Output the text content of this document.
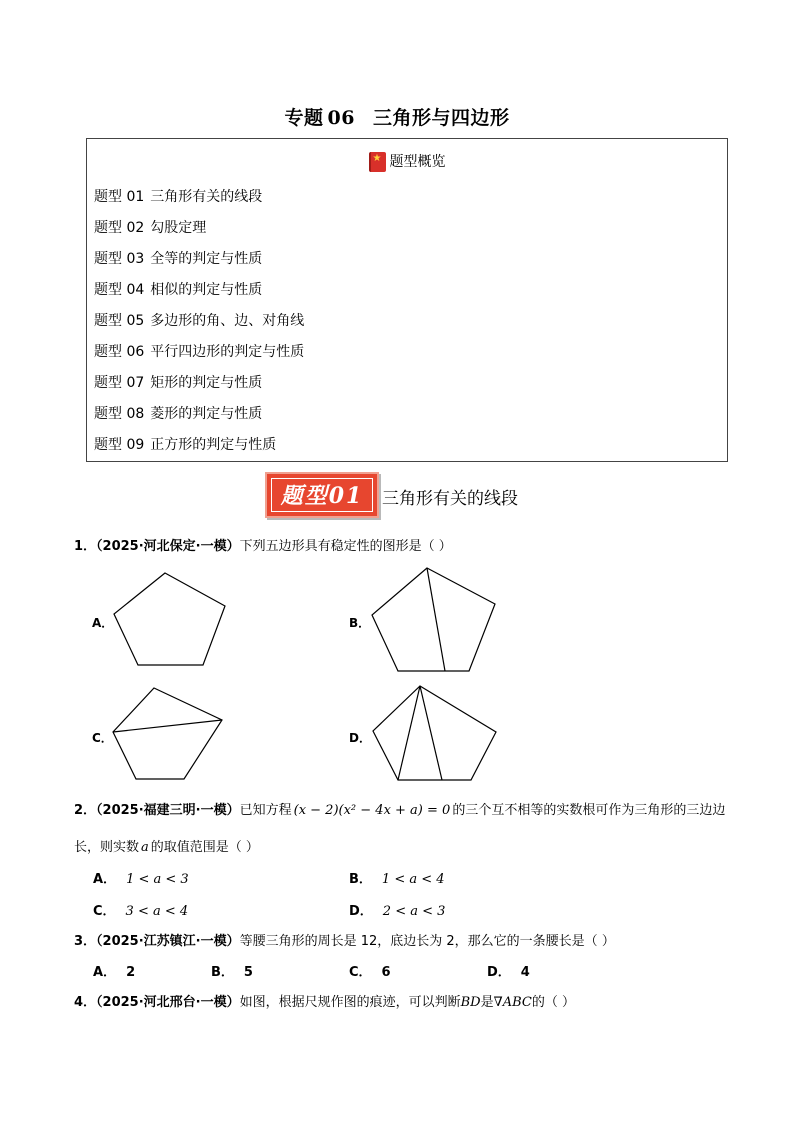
专题 06 三角形与四边形
★题型概览
题型 01 三角形有关的线段
题型 02 勾股定理
题型 03 全等的判定与性质
题型 04 相似的判定与性质
题型 05 多边形的角、边、对角线
题型 06 平行四边形的判定与性质
题型 07 矩形的判定与性质
题型 08 菱形的判定与性质
题型 09 正方形的判定与性质
题型01	三角形有关的线段
1．（2025·河北保定·一模）下列五边形具有稳定性的图形是（ ）
A．	B．
C．	D．
2．（2025·福建三明·一模）已知方程 (x − 2)(x² − 4x + a) = 0 的三个互不相等的实数根可作为三角形的三边边
长，则实数 a 的取值范围是（ ）
A． 1 < a < 3	B． 1 < a < 4
C． 3 < a < 4	D． 2 < a < 3
3．（2025·江苏镇江·一模）等腰三角形的周长是 12，底边长为 2，那么它的一条腰长是（ ）
A． 2	B． 5	C． 6	D． 4
4．（2025·河北邢台·一模）如图，根据尺规作图的痕迹，可以判断BD是∇ABC的（ ）
